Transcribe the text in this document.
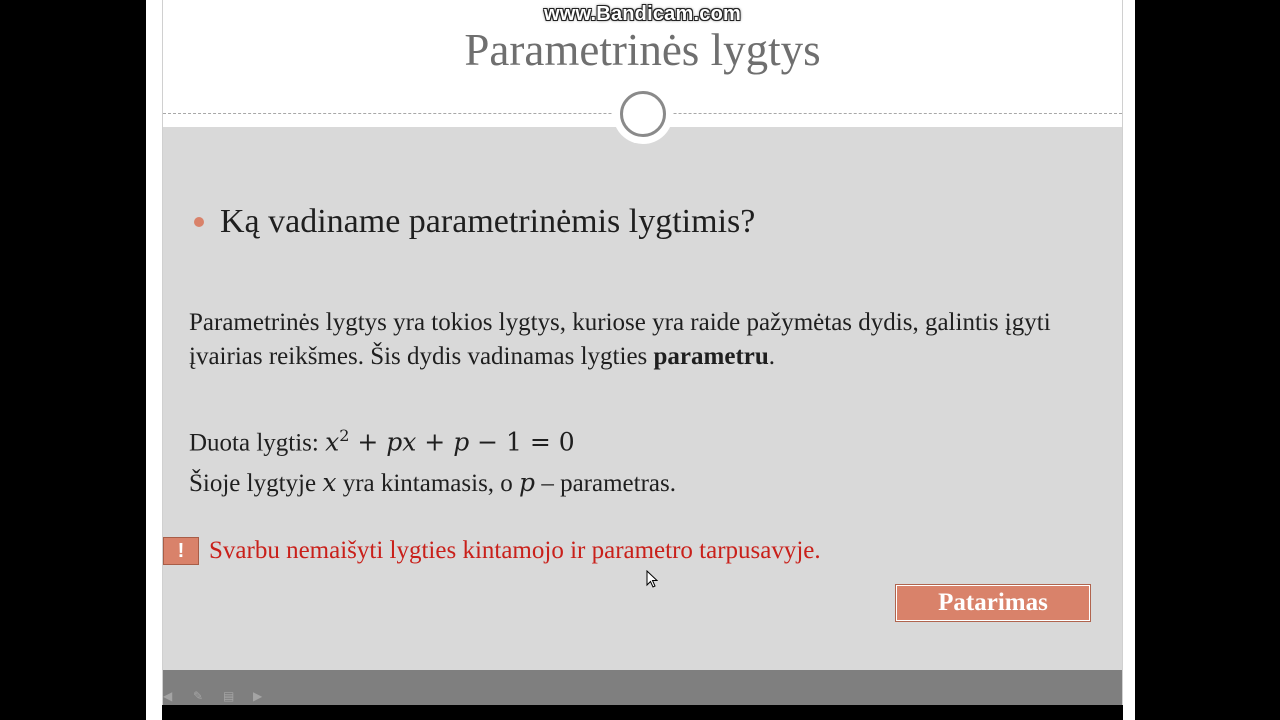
www.Bandicam.com
Parametrinės lygtys
Ką vadiname parametrinėmis lygtimis?
Parametrinės lygtys yra tokios lygtys, kuriose yra raide pažymėtas dydis, galintis įgyti įvairias reikšmes. Šis dydis vadinamas lygties parametru.
Duota lygtis: $x^2$ + px + p − 1 = 0
Šioje lygtyje x yra kintamasis, o p – parametras.
! Svarbu nemaišyti lygties kintamojo ir parametro tarpusavyje.
Patarimas
◀	✎	▤	▶
